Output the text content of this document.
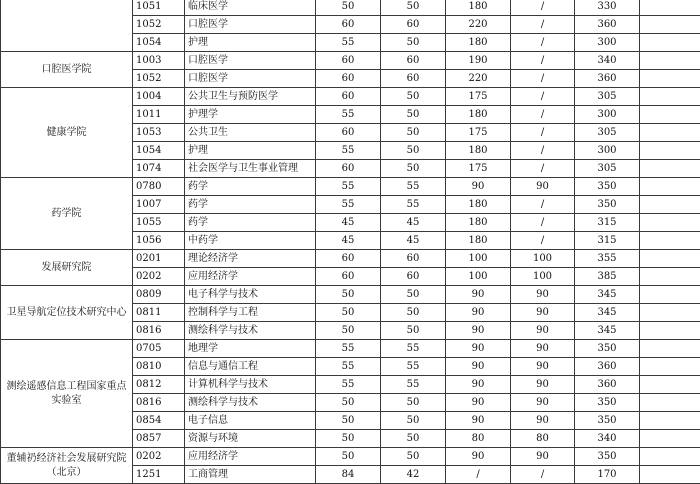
	1051	临床医学	50	50	180	/	330	
	1052	口腔医学	60	60	220	/	360	
	1054	护理	55	50	180	/	300	
口腔医学院	1003	口腔医学	60	60	190	/	340	
	1052	口腔医学	60	60	220	/	360	
健康学院	1004	公共卫生与预防医学	60	50	175	/	305	
	1011	护理学	55	50	180	/	300	
	1053	公共卫生	60	50	175	/	305	
	1054	护理	55	50	180	/	300	
	1074	社会医学与卫生事业管理	60	50	175	/	305	
药学院	0780	药学	55	55	90	90	350	
	1007	药学	55	55	180	/	350	
	1055	药学	45	45	180	/	315	
	1056	中药学	45	45	180	/	315	
发展研究院	0201	理论经济学	60	60	100	100	355	
	0202	应用经济学	60	60	100	100	385	
卫星导航定位技术研究中心	0809	电子科学与技术	50	50	90	90	345	
	0811	控制科学与工程	50	50	90	90	345	
	0816	测绘科学与技术	50	50	90	90	345	
测绘遥感信息工程国家重点实验室	0705	地理学	55	55	90	90	350	
	0810	信息与通信工程	55	55	90	90	360	
	0812	计算机科学与技术	55	55	90	90	360	
	0816	测绘科学与技术	50	50	90	90	350	
	0854	电子信息	50	50	90	90	350	
	0857	资源与环境	50	50	80	80	340	
董辅礽经济社会发展研究院（北京）	0202	应用经济学	50	50	90	90	350	
	1251	工商管理	84	42	/	/	170	
